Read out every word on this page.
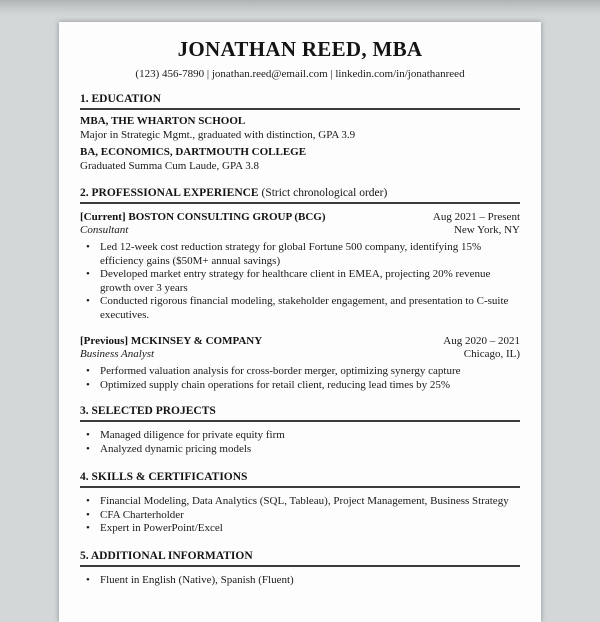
JONATHAN REED, MBA
(123) 456-7890 | jonathan.reed@email.com | linkedin.com/in/jonathanreed
1. EDUCATION
MBA, THE WHARTON SCHOOL
Major in Strategic Mgmt., graduated with distinction, GPA 3.9
BA, ECONOMICS, DARTMOUTH COLLEGE
Graduated Summa Cum Laude, GPA 3.8
2. PROFESSIONAL EXPERIENCE (Strict chronological order)
[Current] BOSTON CONSULTING GROUP (BCG)	Aug 2021 – Present
Consultant	New York, NY
• Led 12-week cost reduction strategy for global Fortune 500 company, identifying 15% efficiency gains ($50M+ annual savings)
• Developed market entry strategy for healthcare client in EMEA, projecting 20% revenue growth over 3 years
• Conducted rigorous financial modeling, stakeholder engagement, and presentation to C-suite executives.
[Previous] MCKINSEY & COMPANY	Aug 2020 – 2021
Business Analyst	Chicago, IL)
• Performed valuation analysis for cross-border merger, optimizing synergy capture
• Optimized supply chain operations for retail client, reducing lead times by 25%
3. SELECTED PROJECTS
• Managed diligence for private equity firm
• Analyzed dynamic pricing models
4. SKILLS & CERTIFICATIONS
• Financial Modeling, Data Analytics (SQL, Tableau), Project Management, Business Strategy
• CFA Charterholder
• Expert in PowerPoint/Excel
5. ADDITIONAL INFORMATION
• Fluent in English (Native), Spanish (Fluent)
